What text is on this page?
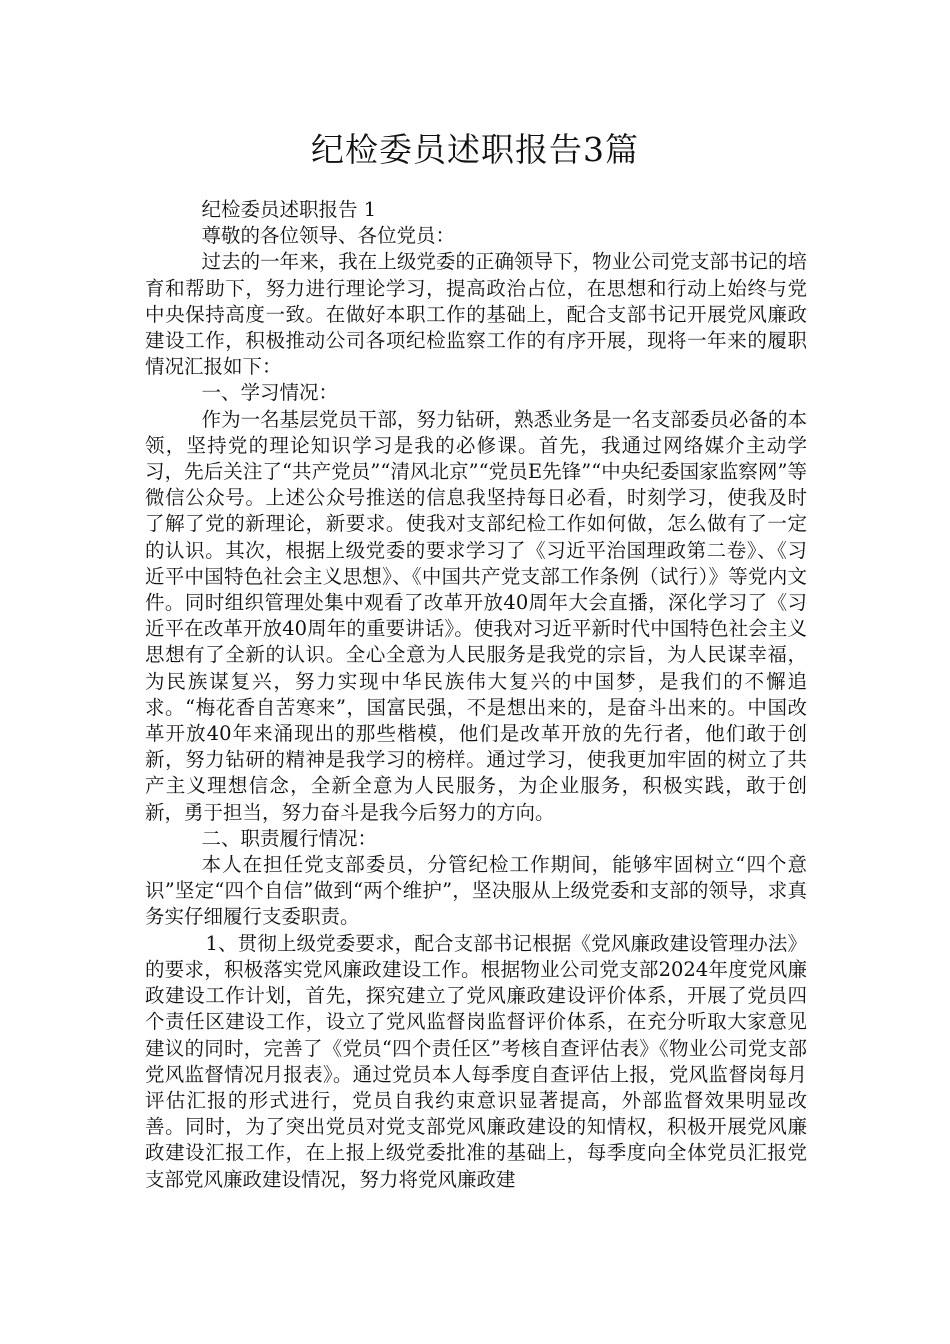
纪检委员述职报告3篇

纪检委员述职报告 1

尊敬的各位领导、各位党员：

过去的一年来，我在上级党委的正确领导下，物业公司党支部书记的培育和帮助下，努力进行理论学习，提高政治占位，在思想和行动上始终与党中央保持高度一致。在做好本职工作的基础上，配合支部书记开展党风廉政建设工作，积极推动公司各项纪检监察工作的有序开展，现将一年来的履职情况汇报如下：

一、学习情况：

作为一名基层党员干部，努力钻研，熟悉业务是一名支部委员必备的本领，坚持党的理论知识学习是我的必修课。首先，我通过网络媒介主动学习，先后关注了“共产党员”“清风北京”“党员E先锋”“中央纪委国家监察网”等微信公众号。上述公众号推送的信息我坚持每日必看，时刻学习，使我及时了解了党的新理论，新要求。使我对支部纪检工作如何做，怎么做有了一定的认识。其次，根据上级党委的要求学习了《习近平治国理政第二卷》、《习近平中国特色社会主义思想》、《中国共产党支部工作条例（试行）》等党内文件。同时组织管理处集中观看了改革开放40周年大会直播，深化学习了《习近平在改革开放40周年的重要讲话》。使我对习近平新时代中国特色社会主义思想有了全新的认识。全心全意为人民服务是我党的宗旨，为人民谋幸福，为民族谋复兴，努力实现中华民族伟大复兴的中国梦，是我们的不懈追求。“梅花香自苦寒来”，国富民强，不是想出来的，是奋斗出来的。中国改革开放40年来涌现出的那些楷模，他们是改革开放的先行者，他们敢于创新，努力钻研的精神是我学习的榜样。通过学习，使我更加牢固的树立了共产主义理想信念，全新全意为人民服务，为企业服务，积极实践，敢于创新，勇于担当，努力奋斗是我今后努力的方向。

二、职责履行情况：

本人在担任党支部委员，分管纪检工作期间，能够牢固树立“四个意识”坚定“四个自信”做到“两个维护”，坚决服从上级党委和支部的领导，求真务实仔细履行支委职责。

1、贯彻上级党委要求，配合支部书记根据《党风廉政建设管理办法》的要求，积极落实党风廉政建设工作。根据物业公司党支部2024年度党风廉政建设工作计划，首先，探究建立了党风廉政建设评价体系，开展了党员四个责任区建设工作，设立了党风监督岗监督评价体系，在充分听取大家意见建议的同时，完善了《党员“四个责任区”考核自查评估表》《物业公司党支部党风监督情况月报表》。通过党员本人每季度自查评估上报，党风监督岗每月评估汇报的形式进行，党员自我约束意识显著提高，外部监督效果明显改善。同时，为了突出党员对党支部党风廉政建设的知情权，积极开展党风廉政建设汇报工作，在上报上级党委批准的基础上，每季度向全体党员汇报党支部党风廉政建设情况，努力将党风廉政建
